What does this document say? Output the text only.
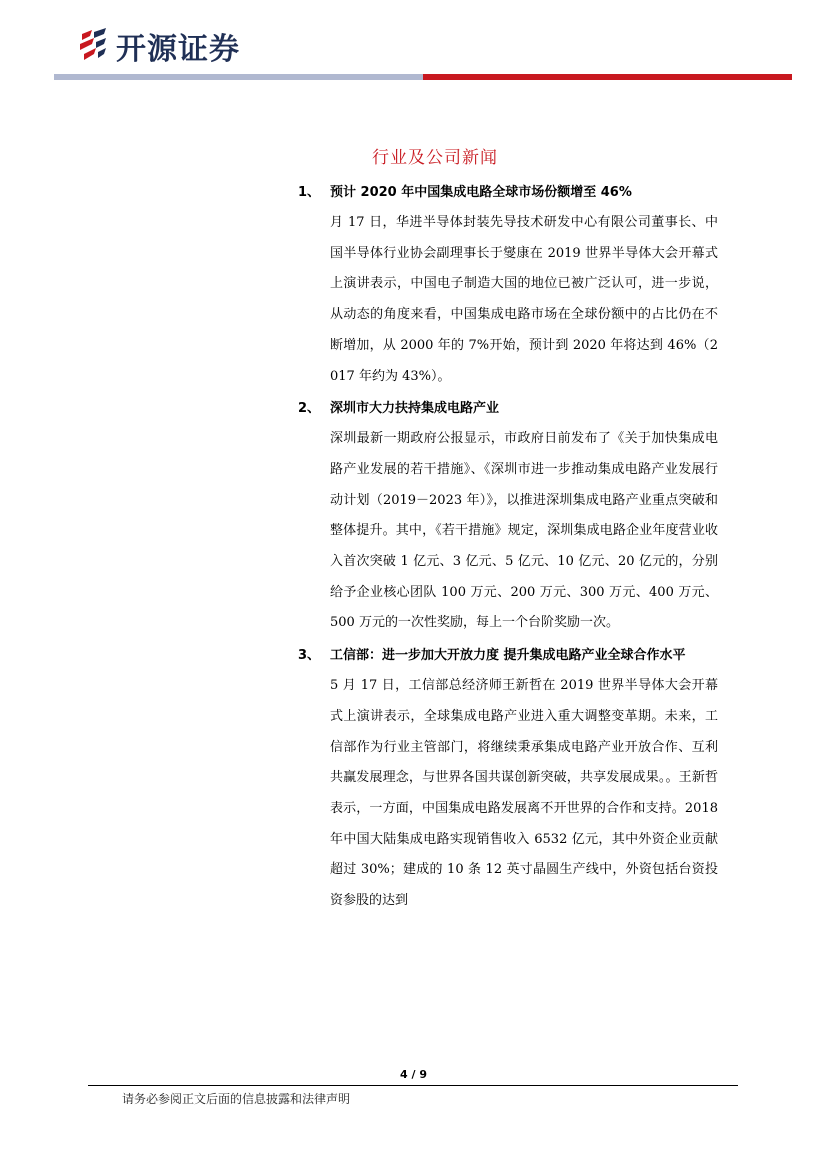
开源证券
行业及公司新闻
1、 预计 2020 年中国集成电路全球市场份额增至 46%
月 17 日，华进半导体封装先导技术研发中心有限公司董事长、中国半导体行业协会副理事长于燮康在 2019 世界半导体大会开幕式上演讲表示，中国电子制造大国的地位已被广泛认可，进一步说，从动态的角度来看，中国集成电路市场在全球份额中的占比仍在不断增加，从 2000 年的 7%开始，预计到 2020 年将达到 46%（2017 年约为 43%）。
2、 深圳市大力扶持集成电路产业
深圳最新一期政府公报显示，市政府日前发布了《关于加快集成电路产业发展的若干措施》、《深圳市进一步推动集成电路产业发展行动计划（2019－2023 年）》，以推进深圳集成电路产业重点突破和整体提升。其中，《若干措施》规定，深圳集成电路企业年度营业收入首次突破 1 亿元、3 亿元、5 亿元、10 亿元、20 亿元的，分别给予企业核心团队 100 万元、200 万元、300 万元、400 万元、500 万元的一次性奖励，每上一个台阶奖励一次。
3、 工信部：进一步加大开放力度 提升集成电路产业全球合作水平
5 月 17 日，工信部总经济师王新哲在 2019 世界半导体大会开幕式上演讲表示，全球集成电路产业进入重大调整变革期。未来，工信部作为行业主管部门，将继续秉承集成电路产业开放合作、互利共赢发展理念，与世界各国共谋创新突破，共享发展成果。。王新哲表示，一方面，中国集成电路发展离不开世界的合作和支持。2018 年中国大陆集成电路实现销售收入 6532 亿元，其中外资企业贡献超过 30%；建成的 10 条 12 英寸晶圆生产线中，外资包括台资投资参股的达到
4 / 9
请务必参阅正文后面的信息披露和法律声明
